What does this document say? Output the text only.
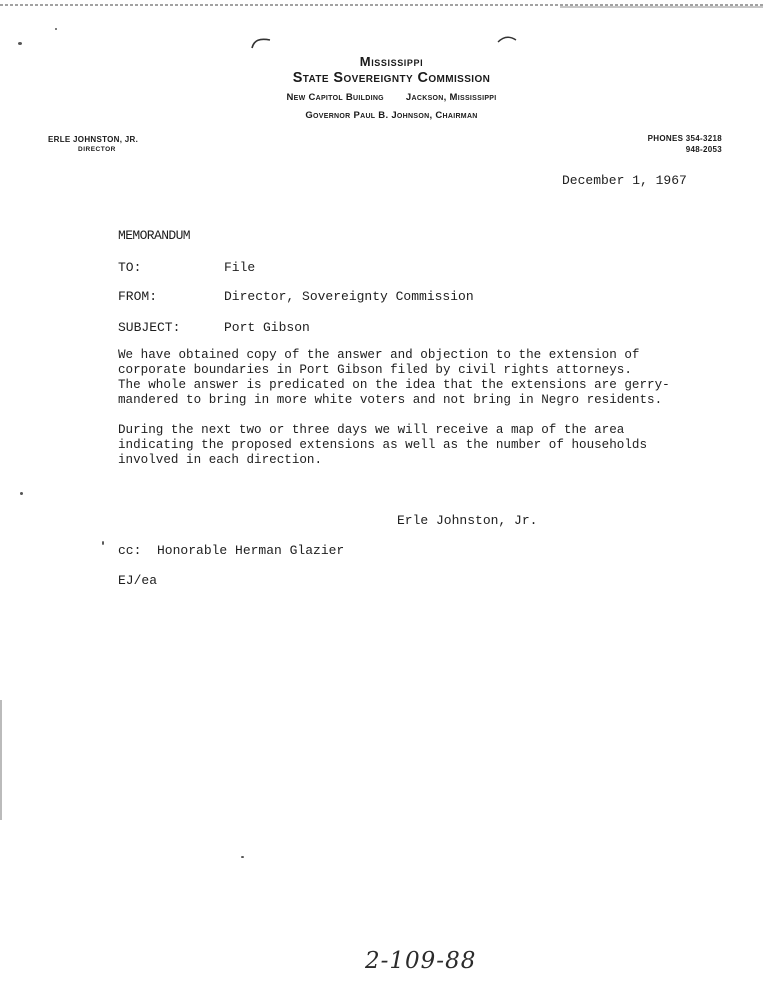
Mississippi
State Sovereignty Commission
New Capitol Building Jackson, Mississippi
Governor Paul B. Johnson, Chairman
ERLE JOHNSTON, JR.
DIRECTOR
PHONES 354-3218
948-2053
December 1, 1967
MEMORANDUM
TO:	File
FROM:	Director, Sovereignty Commission
SUBJECT:	Port Gibson
We have obtained copy of the answer and objection to the extension of
corporate boundaries in Port Gibson filed by civil rights attorneys.
The whole answer is predicated on the idea that the extensions are gerry-
mandered to bring in more white voters and not bring in Negro residents.
During the next two or three days we will receive a map of the area
indicating the proposed extensions as well as the number of households
involved in each direction.
Erle Johnston, Jr.
cc:  Honorable Herman Glazier
EJ/ea
2-109-88
